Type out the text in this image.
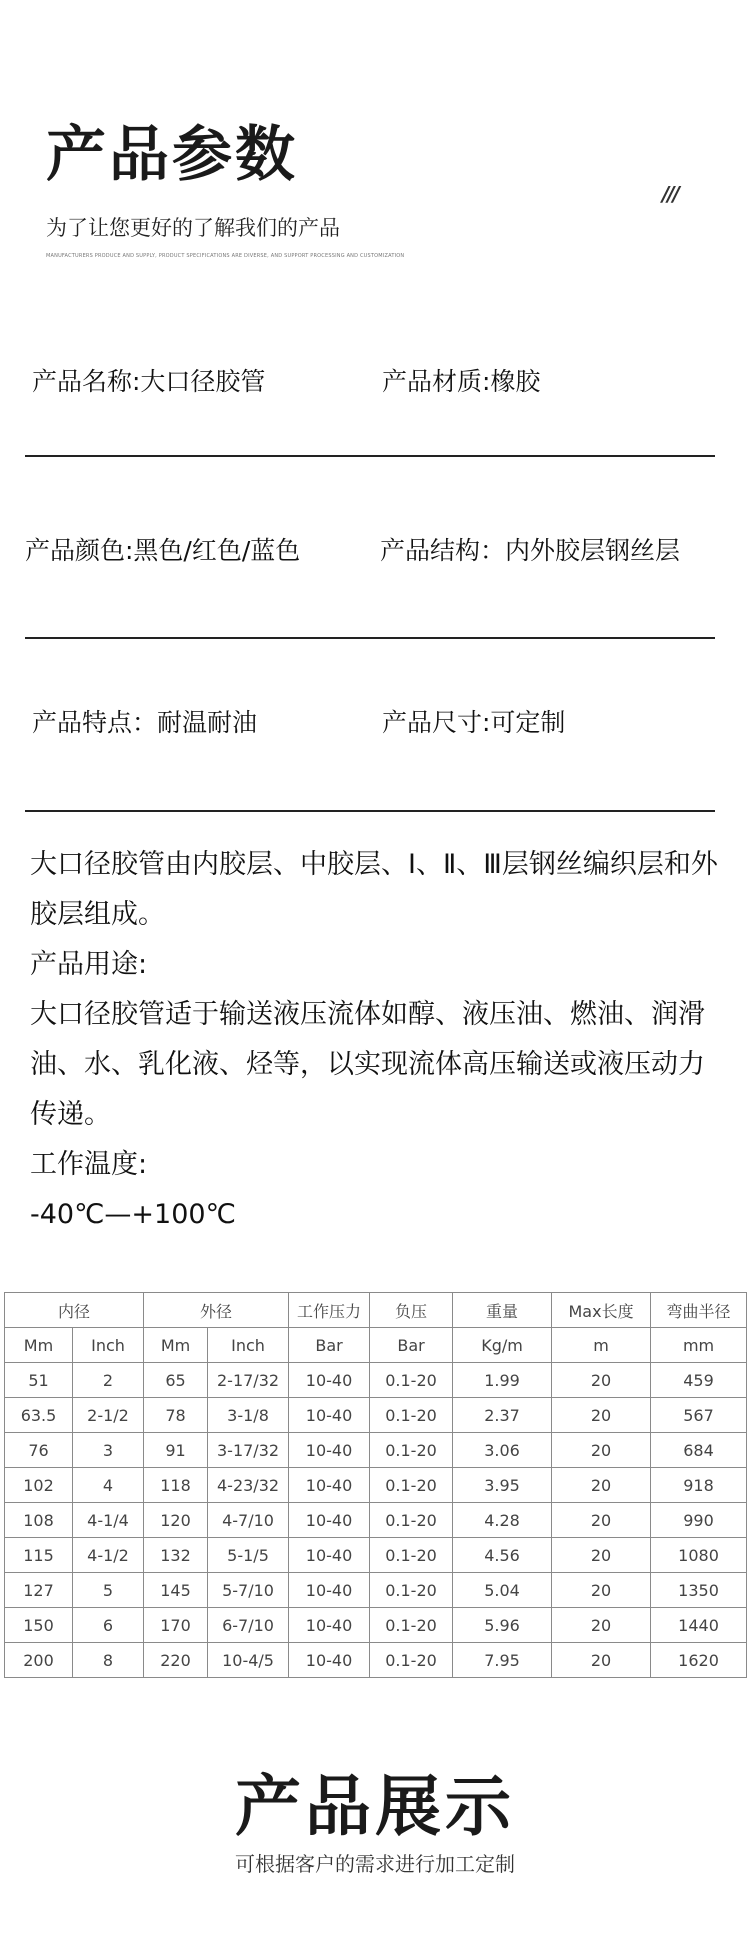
产品参数
为了让您更好的了解我们的产品
MANUFACTURERS PRODUCE AND SUPPLY, PRODUCT SPECIFICATIONS ARE DIVERSE, AND SUPPORT PROCESSING AND CUSTOMIZATION
///
产品名称:大口径胶管	产品材质:橡胶
产品颜色:黑色/红色/蓝色	产品结构：内外胶层钢丝层
产品特点：耐温耐油	产品尺寸:可定制

大口径胶管由内胶层、中胶层、Ⅰ、Ⅱ、Ⅲ层钢丝编织层和外胶层组成。

产品用途:

大口径胶管适于输送液压流体如醇、液压油、燃油、润滑油、水、乳化液、烃等，以实现流体高压输送或液压动力传递。

工作温度:

-40℃—+100℃

内径		外径		工作压力	负压	重量	Max长度	弯曲半径
Mm	Inch	Mm	Inch	Bar	Bar	Kg/m	m	mm
51	2	65	2-17/32	10-40	0.1-20	1.99	20	459
63.5	2-1/2	78	3-1/8	10-40	0.1-20	2.37	20	567
76	3	91	3-17/32	10-40	0.1-20	3.06	20	684
102	4	118	4-23/32	10-40	0.1-20	3.95	20	918
108	4-1/4	120	4-7/10	10-40	0.1-20	4.28	20	990
115	4-1/2	132	5-1/5	10-40	0.1-20	4.56	20	1080
127	5	145	5-7/10	10-40	0.1-20	5.04	20	1350
150	6	170	6-7/10	10-40	0.1-20	5.96	20	1440
200	8	220	10-4/5	10-40	0.1-20	7.95	20	1620
产品展示
可根据客户的需求进行加工定制
